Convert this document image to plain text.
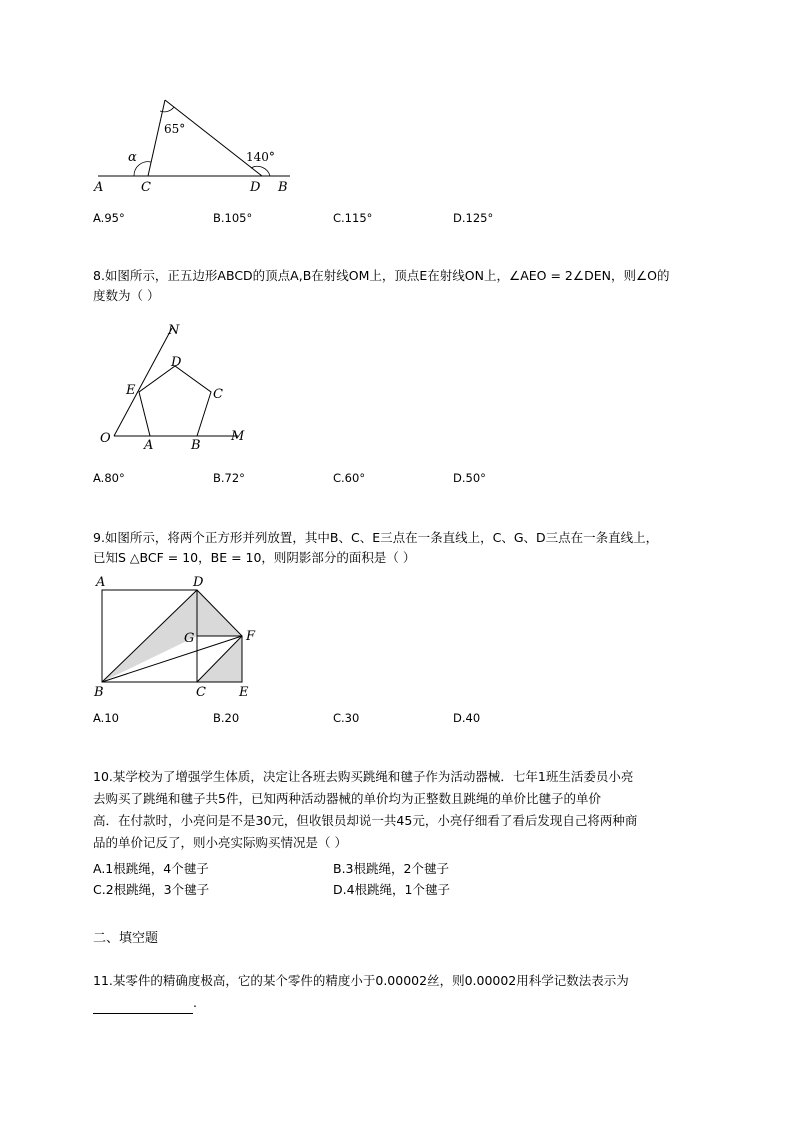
A	C	D B
α
65°
140°
A.95°	B.105°	C.115°	D.125°
8.如图所示，正五边形ABCD的顶点A,B在射线OM上，顶点E在射线ON上，∠AEO = 2∠DEN，则∠O的
度数为（ ）
N
D
E	C
O	A	B
M
A.80°	B.72°	C.60°	D.50°
9.如图所示，将两个正方形并列放置，其中B、C、E三点在一条直线上，C、G、D三点在一条直线上，
已知S △BCF = 10，BE = 10，则阴影部分的面积是（ ）
A	D
G	F
B	C	E
A.10	B.20	C.30	D.40
10.某学校为了增强学生体质，决定让各班去购买跳绳和毽子作为活动器械．七年1班生活委员小亮
去购买了跳绳和毽子共5件，已知两种活动器械的单价均为正整数且跳绳的单价比毽子的单价
高．在付款时，小亮问是不是30元，但收银员却说一共45元，小亮仔细看了看后发现自己将两种商
品的单价记反了，则小亮实际购买情况是（ ）
A.1根跳绳，4个毽子	B.3根跳绳，2个毽子
C.2根跳绳，3个毽子	D.4根跳绳，1个毽子
二、填空题
11.某零件的精确度极高，它的某个零件的精度小于0.00002丝，则0.00002用科学记数法表示为
.
